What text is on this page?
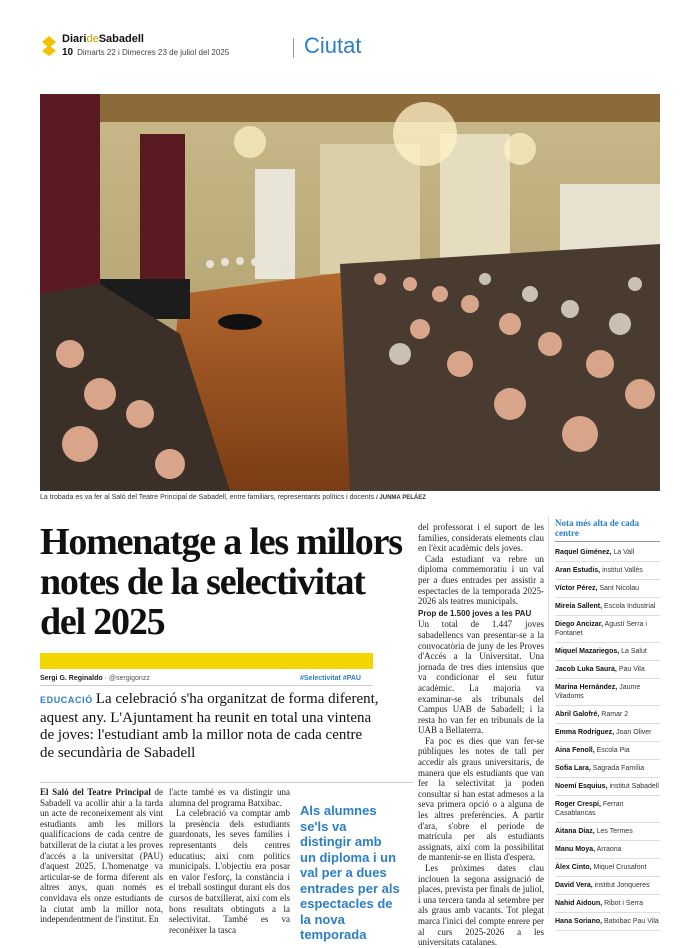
DiarideSabadell
10 Dimarts 22 i Dimecres 23 de juliol del 2025	Ciutat
La trobada es va fer al Saló del Teatre Principal de Sabadell, entre familiars, representants polítics i docents / JUNMA PELÁEZ
Homenatge a les millors notes de la selectivitat del 2025
Sergi G. Reginaldo · @sergigonzz	#Selectivitat #PAU
EDUCACIÓ La celebració s'ha organitzat de forma diferent, aquest any. L'Ajuntament ha reunit en total una vintena de joves: l'estudiant amb la millor nota de cada centre de secundària de Sabadell

El Saló del Teatre Principal de Sabadell va acollir ahir a la tarda un acte de reconeixement als vint estudiants amb les millors qualificacions de cada centre de batxillerat de la ciutat a les proves d'accés a la universitat (PAU) d'aquest 2025. L'homenatge va articular-se de forma diferent als altres anys, quan només es convidava els onze estudiants de la ciutat amb la millor nota, independentment de l'institut. En

l'acte també es va distingir una alumna del programa Batxibac.

La celebració va comptar amb la presència dels estudiants guardonats, les seves famílies i representants dels centres educatius; així com polítics municipals. L'objectiu era posar en valor l'esforç, la constància i el treball sostingut durant els dos cursos de batxillerat, així com els bons resultats obtinguts a la selectivitat. També es va reconèixer la tasca

Als alumnes se'ls va distingir amb un diploma i un val per a dues entrades per als espectacles de la nova temporada

del professorat i el suport de les famílies, considerats elements clau en l'èxit acadèmic dels joves.

Cada estudiant va rebre un diploma commemoratiu i un val per a dues entrades per assistir a espectacles de la temporada 2025-2026 als teatres municipals.

Prop de 1.500 joves a les PAU

Un total de 1.447 joves sabadellencs van presentar-se a la convocatòria de juny de les Proves d'Accés a la Universitat. Una jornada de tres dies intensius que va condicionar el seu futur acadèmic. La majoria va examinar-se als tribunals del Campus UAB de Sabadell; i la resta ho van fer en tribunals de la UAB a Bellaterra.

Fa poc es dies que van fer-se públiques les notes de tall per accedir als graus universitaris, de manera que els estudiants que van fer la selectivitat ja poden consultar si han estat admesos a la seva primera opció o a alguna de les altres preferències. A partir d'ara, s'obre el període de matrícula per als estudiants assignats, així com la possibilitat de mantenir-se en llista d'espera.

Les pròximes dates clau inclouen la segona assignació de places, prevista per finals de juliol, i una tercera tanda al setembre per als graus amb vacants. Tot plegat marca l'inici del compte enrere per al curs 2025-2026 a les universitats catalanes.

Nota més alta de cada centre
Raquel Giménez, La Vall
Aran Estudis, institut Vallès
Víctor Pérez, Sant Nicolau
Mireia Sallent, Escola Industrial
Diego Ancizar, Agustí Serra i Fontanet
Miquel Mazariegos, La Salut
Jacob Luka Saura, Pau Vila
Marina Hernández, Jaume Viladoms
Abril Galofré, Ramar 2
Emma Rodríguez, Joan Oliver
Aina Fenoll, Escola Pia
Sofia Lara, Sagrada Família
Noemí Esquius, institut Sabadell
Roger Crespí, Ferran Casablancas
Aitana Díaz, Les Termes
Manu Moya, Arraona
Àlex Cinto, Miquel Crusafont
David Vera, institut Jonqueres
Nahid Aidoun, Ribot i Serra
Hana Soriano, Batxibac Pau Vila
